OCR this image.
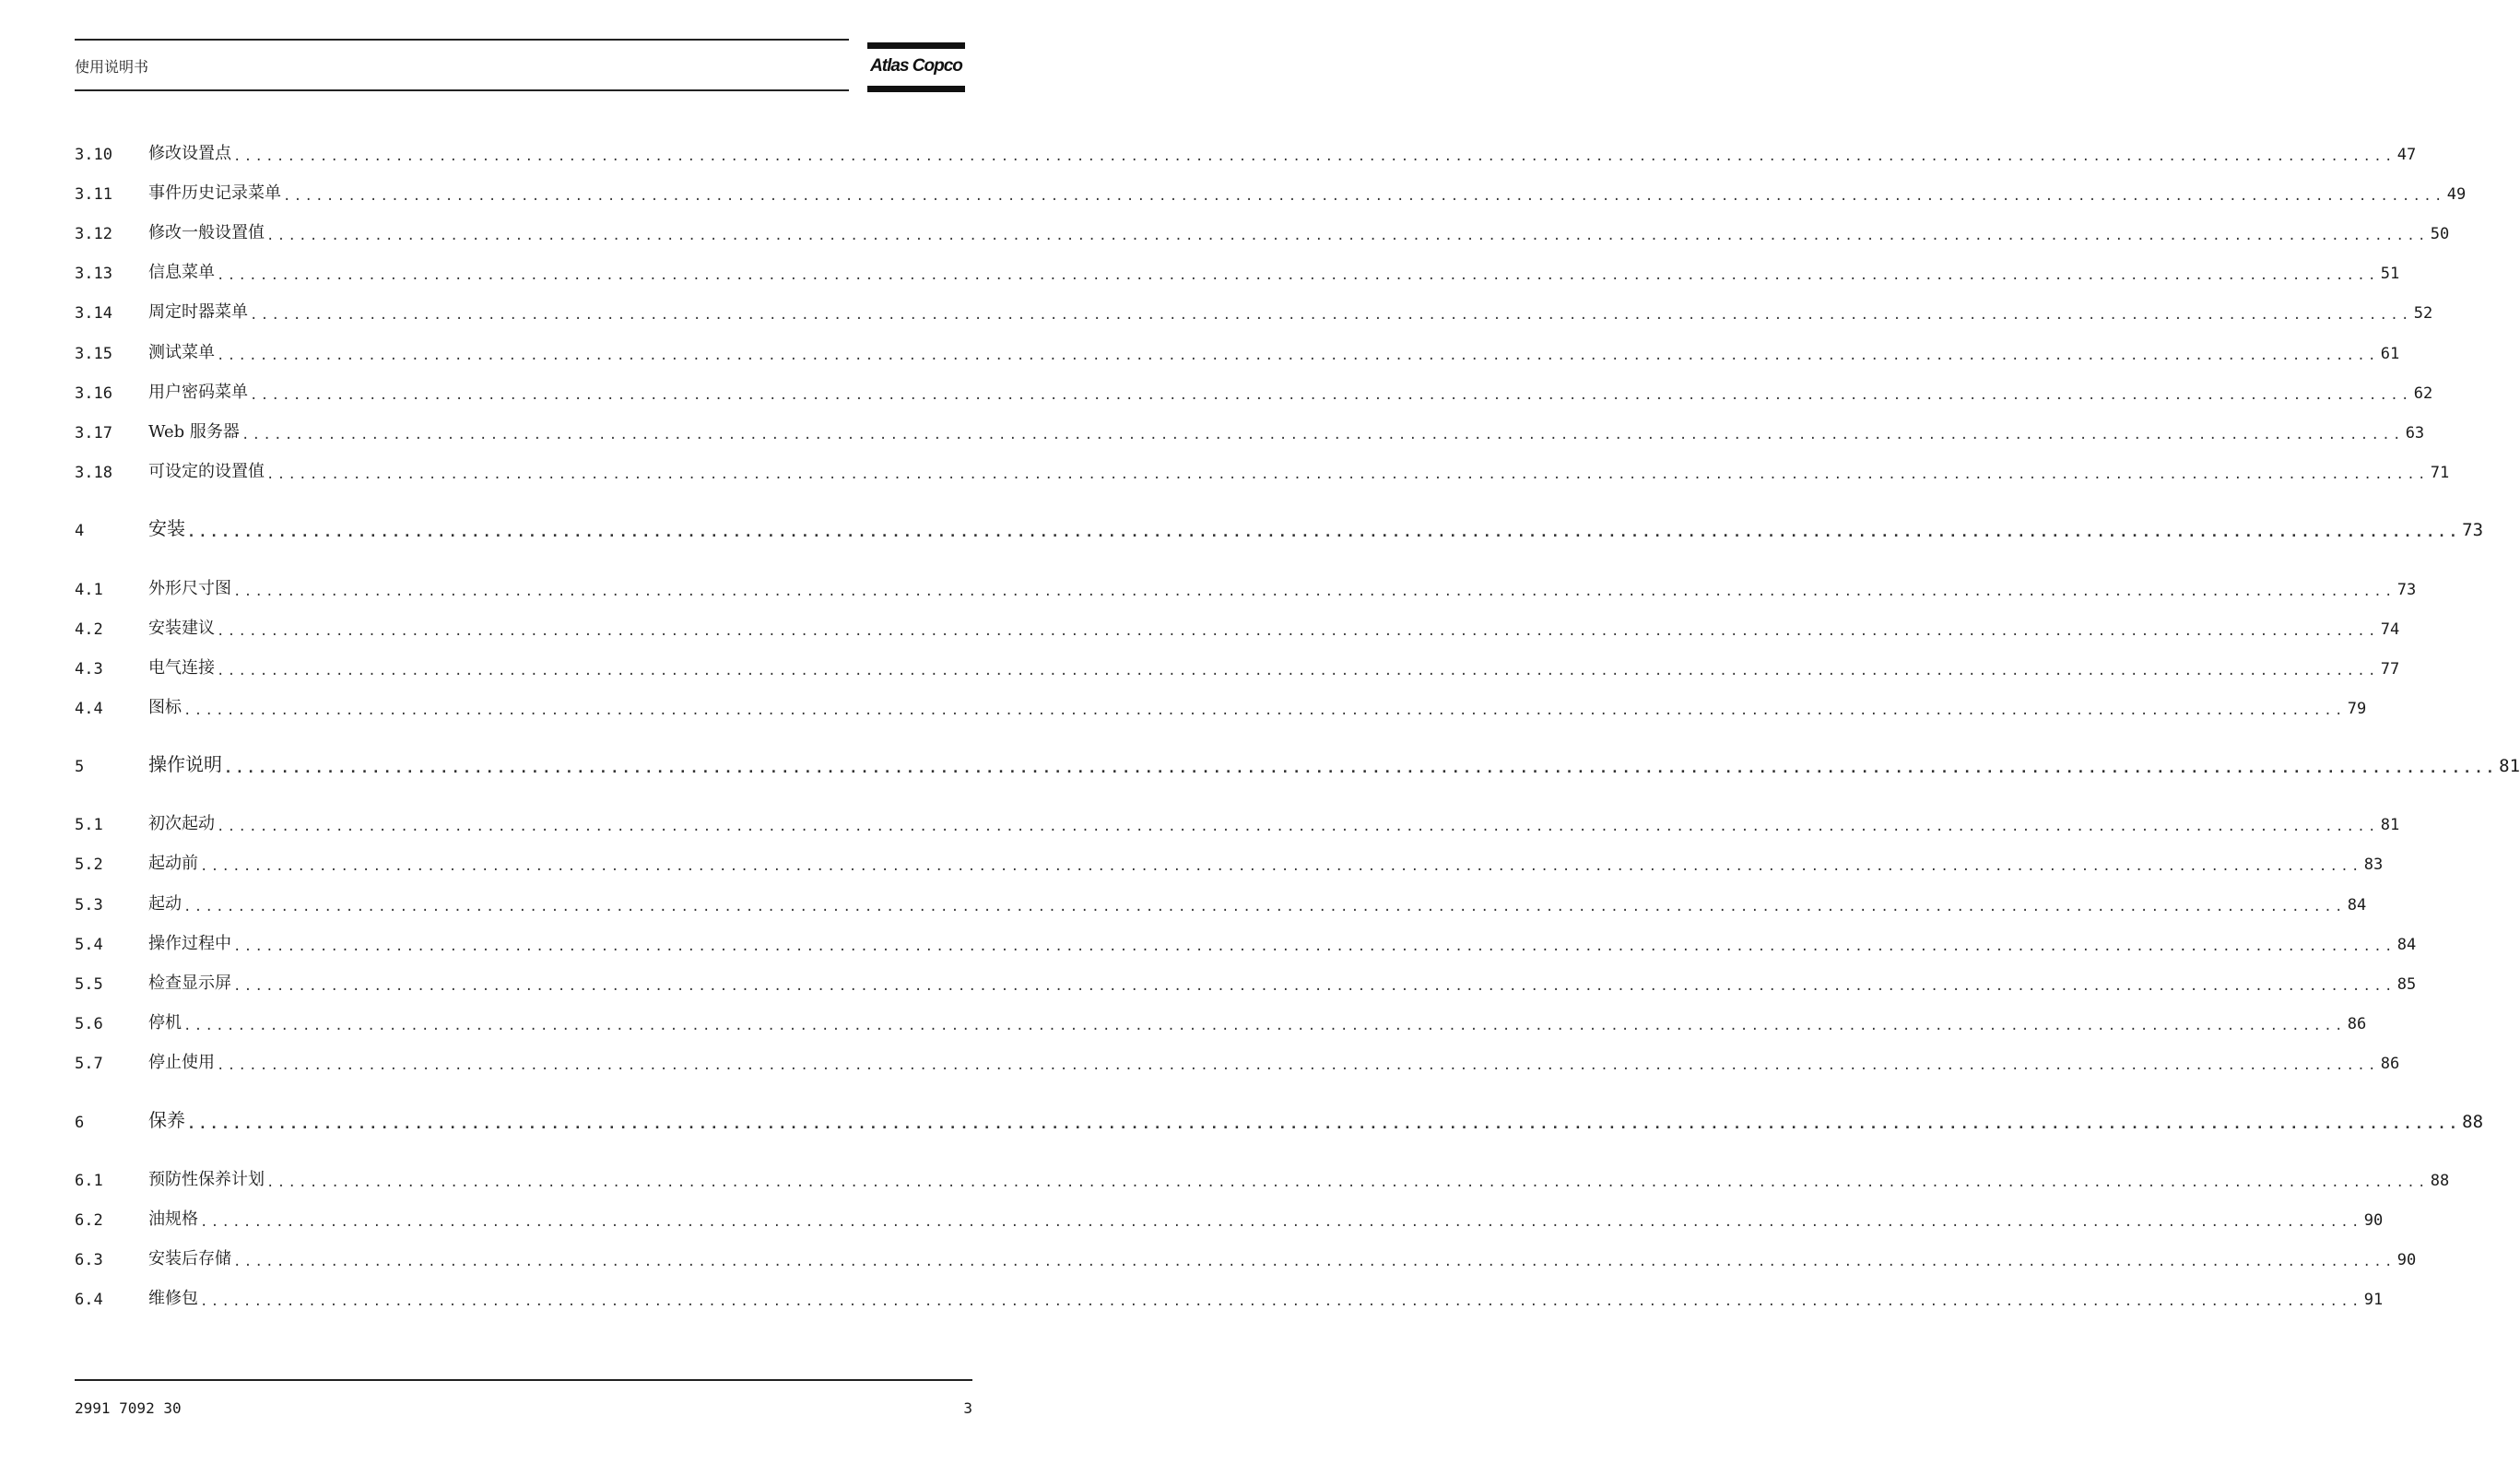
使用说明书	Atlas Copco
3.10	修改设置点 ........................................................................................................................................................................................................ 47
3.11	事件历史记录菜单 ........................................................................................................................................................................................................ 49
3.12	修改一般设置值 ........................................................................................................................................................................................................ 50
3.13	信息菜单 ........................................................................................................................................................................................................ 51
3.14	周定时器菜单 ........................................................................................................................................................................................................ 52
3.15	测试菜单 ........................................................................................................................................................................................................ 61
3.16	用户密码菜单 ........................................................................................................................................................................................................ 62
3.17	Web 服务器 ........................................................................................................................................................................................................ 63
3.18	可设定的设置值 ........................................................................................................................................................................................................ 71
4	安装 ........................................................................................................................................................................................................ 73
4.1	外形尺寸图 ........................................................................................................................................................................................................ 73
4.2	安装建议 ........................................................................................................................................................................................................ 74
4.3	电气连接 ........................................................................................................................................................................................................ 77
4.4	图标 ........................................................................................................................................................................................................ 79
5	操作说明 ........................................................................................................................................................................................................ 81
5.1	初次起动 ........................................................................................................................................................................................................ 81
5.2	起动前 ........................................................................................................................................................................................................ 83
5.3	起动 ........................................................................................................................................................................................................ 84
5.4	操作过程中 ........................................................................................................................................................................................................ 84
5.5	检查显示屏 ........................................................................................................................................................................................................ 85
5.6	停机 ........................................................................................................................................................................................................ 86
5.7	停止使用 ........................................................................................................................................................................................................ 86
6	保养 ........................................................................................................................................................................................................ 88
6.1	预防性保养计划 ........................................................................................................................................................................................................ 88
6.2	油规格 ........................................................................................................................................................................................................ 90
6.3	安装后存储 ........................................................................................................................................................................................................ 90
6.4	维修包 ........................................................................................................................................................................................................ 91
2991 7092 30	3
